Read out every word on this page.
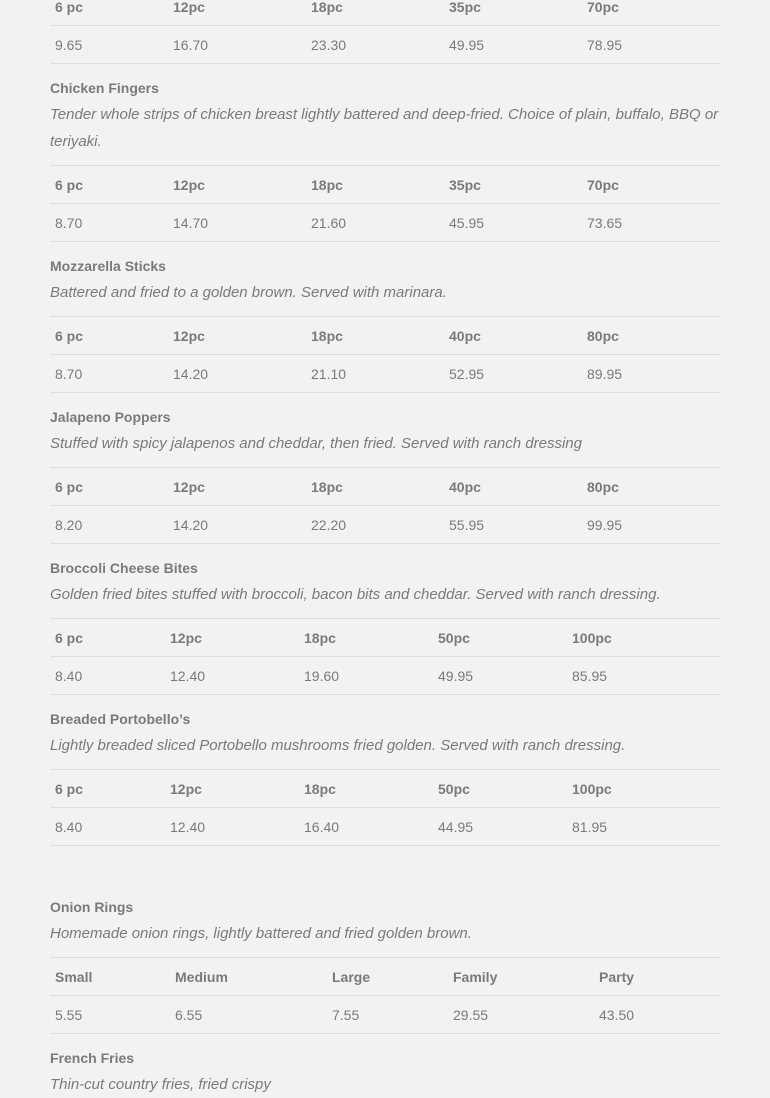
6 pc	12pc	18pc	35pc	70pc
9.65	16.70	23.30	49.95	78.95
Chicken Fingers
Tender whole strips of chicken breast lightly battered and deep-fried. Choice of plain, buffalo, BBQ or teriyaki.
6 pc	12pc	18pc	35pc	70pc
8.70	14.70	21.60	45.95	73.65
Mozzarella Sticks
Battered and fried to a golden brown. Served with marinara.
6 pc	12pc	18pc	40pc	80pc
8.70	14.20	21.10	52.95	89.95
Jalapeno Poppers
Stuffed with spicy jalapenos and cheddar, then fried. Served with ranch dressing
6 pc	12pc	18pc	40pc	80pc
8.20	14.20	22.20	55.95	99.95
Broccoli Cheese Bites
Golden fried bites stuffed with broccoli, bacon bits and cheddar. Served with ranch dressing.
6 pc	12pc	18pc	50pc	100pc
8.40	12.40	19.60	49.95	85.95
Breaded Portobello’s
Lightly breaded sliced Portobello mushrooms fried golden. Served with ranch dressing.
6 pc	12pc	18pc	50pc	100pc
8.40	12.40	16.40	44.95	81.95
Onion Rings
Homemade onion rings, lightly battered and fried golden brown.
Small	Medium	Large	Family	Party
5.55	6.55	7.55	29.55	43.50
French Fries
Thin-cut country fries, fried crispy
